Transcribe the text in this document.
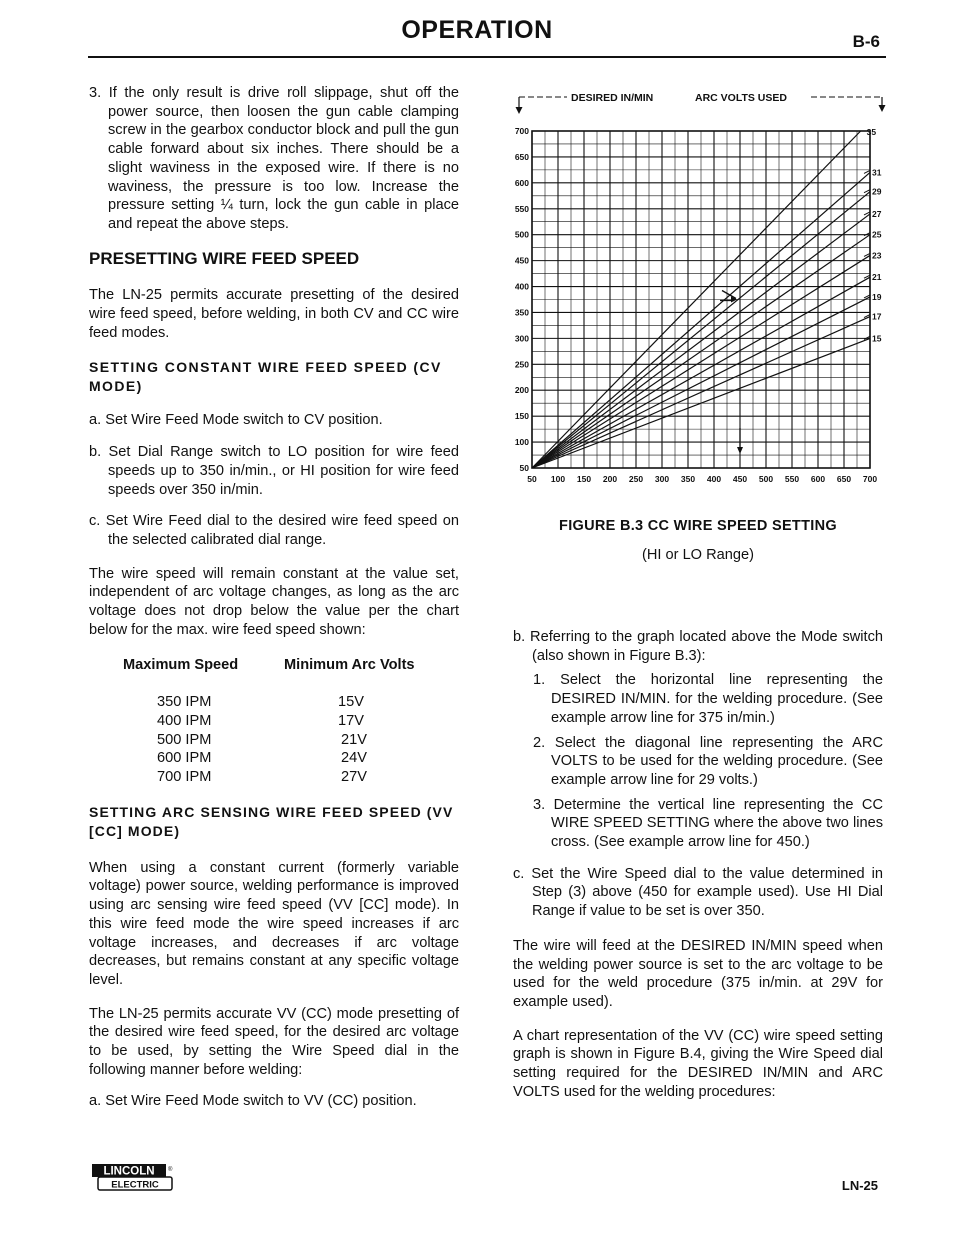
OPERATION	B-6

3. If the only result is drive roll slippage, shut off the power source, then loosen the gun cable clamping screw in the gearbox conductor block and pull the gun cable forward about six inches. There should be a slight waviness in the exposed wire. If there is no waviness, the pressure is too low. Increase the pressure setting ¼ turn, lock the gun cable in place and repeat the above steps.

PRESETTING WIRE FEED SPEED

The LN-25 permits accurate presetting of the desired wire feed speed, before welding, in both CV and CC wire feed modes.

SETTING CONSTANT WIRE FEED SPEED (CV MODE)

a. Set Wire Feed Mode switch to CV position.

b. Set Dial Range switch to LO position for wire feed speeds up to 350 in/min., or HI position for wire feed speeds over 350 in/min.

c. Set Wire Feed dial to the desired wire feed speed on the selected calibrated dial range.

The wire speed will remain constant at the value set, independent of arc voltage changes, as long as the arc voltage does not drop below the value per the chart below for the max. wire feed speed shown:

Maximum Speed	Minimum Arc Volts
350 IPM	15V
400 IPM	17V
500 IPM	21V
600 IPM	24V
700 IPM	27V

SETTING ARC SENSING WIRE FEED SPEED (VV [CC] MODE)

When using a constant current (formerly variable voltage) power source, welding performance is improved using arc sensing wire feed speed (VV [CC] mode). In this wire feed mode the wire speed increases if arc voltage increases, and decreases if arc voltage decreases, but remains constant at any specific voltage level.

The LN-25 permits accurate VV (CC) mode presetting of the desired wire feed speed, for the desired arc voltage to be used, by setting the Wire Speed dial in the following manner before welding:

a. Set Wire Feed Mode switch to VV (CC) position.

50 100 150 200 250 300 350 400 450 500 550 600 650 700
50
100
150
200
250
300
350
400
450
500
550
600
650
700	35
31
29
27
25
23
21
19
17
15
DESIRED IN/MIN	ARC VOLTS USED
FIGURE B.3 CC WIRE SPEED SETTING
(HI or LO Range)

b. Referring to the graph located above the Mode switch (also shown in Figure B.3):

1. Select the horizontal line representing the DESIRED IN/MIN. for the welding procedure. (See example arrow line for 375 in/min.)

2. Select the diagonal line representing the ARC VOLTS to be used for the welding procedure. (See example arrow line for 29 volts.)

3. Determine the vertical line representing the CC WIRE SPEED SETTING where the above two lines cross. (See example arrow line for 450.)

c. Set the Wire Speed dial to the value determined in Step (3) above (450 for example used). Use HI Dial Range if value to be set is over 350.

The wire will feed at the DESIRED IN/MIN speed when the welding power source is set to the arc voltage to be used for the weld procedure (375 in/min. at 29V for example used).

A chart representation of the VV (CC) wire speed setting graph is shown in Figure B.4, giving the Wire Speed dial setting required for the DESIRED IN/MIN and ARC VOLTS used for the welding procedures:

LINCOLN ®
ELECTRIC	LN-25
